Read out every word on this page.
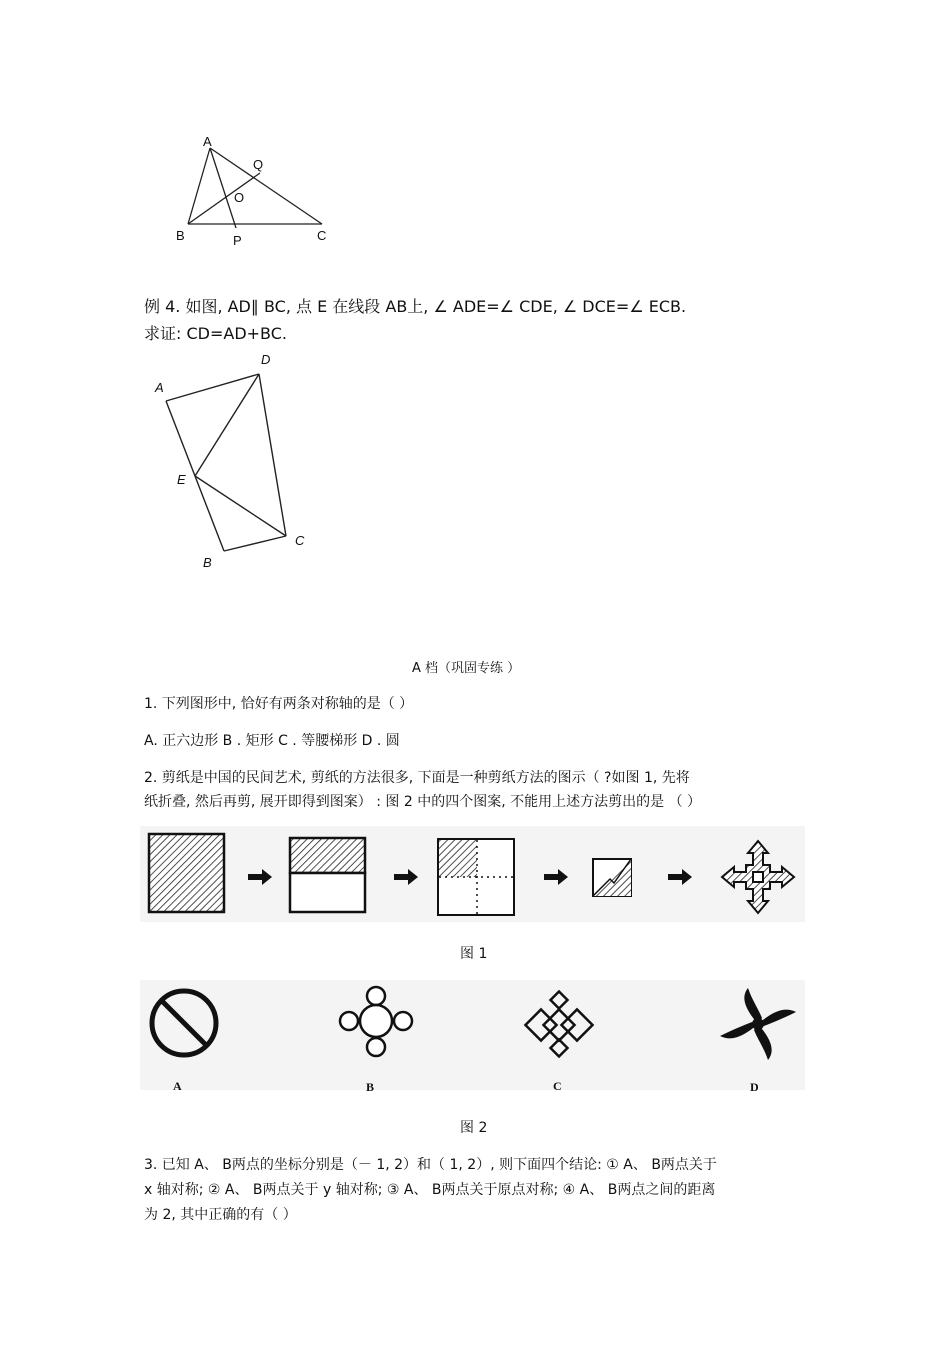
A
Q
O
B	P	C
例 4. 如图, AD∥ BC, 点 E 在线段 AB上, ∠ ADE=∠ CDE, ∠ DCE=∠ ECB.
求证: CD=AD+BC.
A
D
E
C
B
A 档（巩固专练 ）
1. 下列图形中, 恰好有两条对称轴的是（ ）
A. 正六边形 B . 矩形 C . 等腰梯形 D . 圆
2. 剪纸是中国的民间艺术, 剪纸的方法很多, 下面是一种剪纸方法的图示（ ?如图 1, 先将
纸折叠, 然后再剪, 展开即得到图案） : 图 2 中的四个图案, 不能用上述方法剪出的是 （ ）
图 1
A	B	C	D
图 2
3. 已知 A、 B两点的坐标分别是（－ 1, 2）和（ 1, 2）, 则下面四个结论: ① A、 B两点关于
x 轴对称; ② A、 B两点关于 y 轴对称; ③ A、 B两点关于原点对称; ④ A、 B两点之间的距离
为 2, 其中正确的有（ ）
